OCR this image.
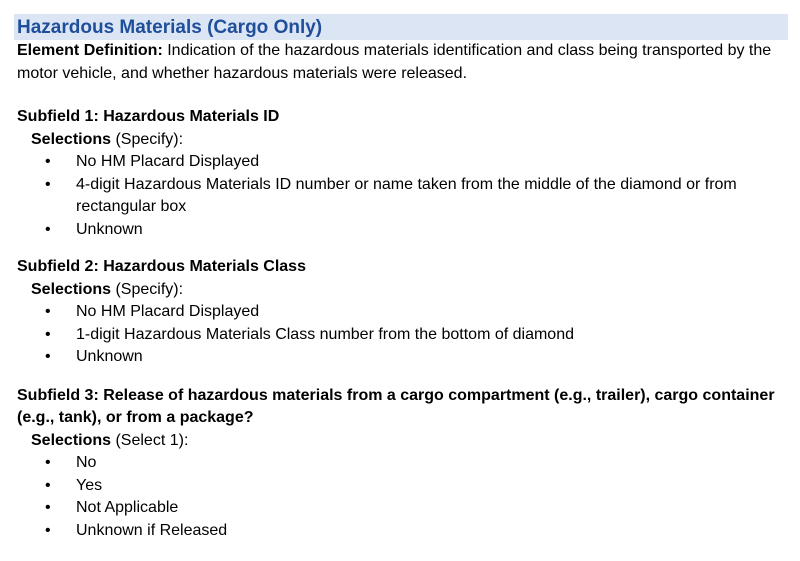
Hazardous Materials (Cargo Only)

Element Definition: Indication of the hazardous materials identification and class being transported by the motor vehicle, and whether hazardous materials were released.

Subfield 1: Hazardous Materials ID

Selections (Specify):

• No HM Placard Displayed
• 4-digit Hazardous Materials ID number or name taken from the middle of the diamond or from rectangular box
• Unknown

Subfield 2: Hazardous Materials Class

Selections (Specify):

• No HM Placard Displayed
• 1-digit Hazardous Materials Class number from the bottom of diamond
• Unknown

Subfield 3: Release of hazardous materials from a cargo compartment (e.g., trailer), cargo container (e.g., tank), or from a package?

Selections (Select 1):

• No
• Yes
• Not Applicable
• Unknown if Released
